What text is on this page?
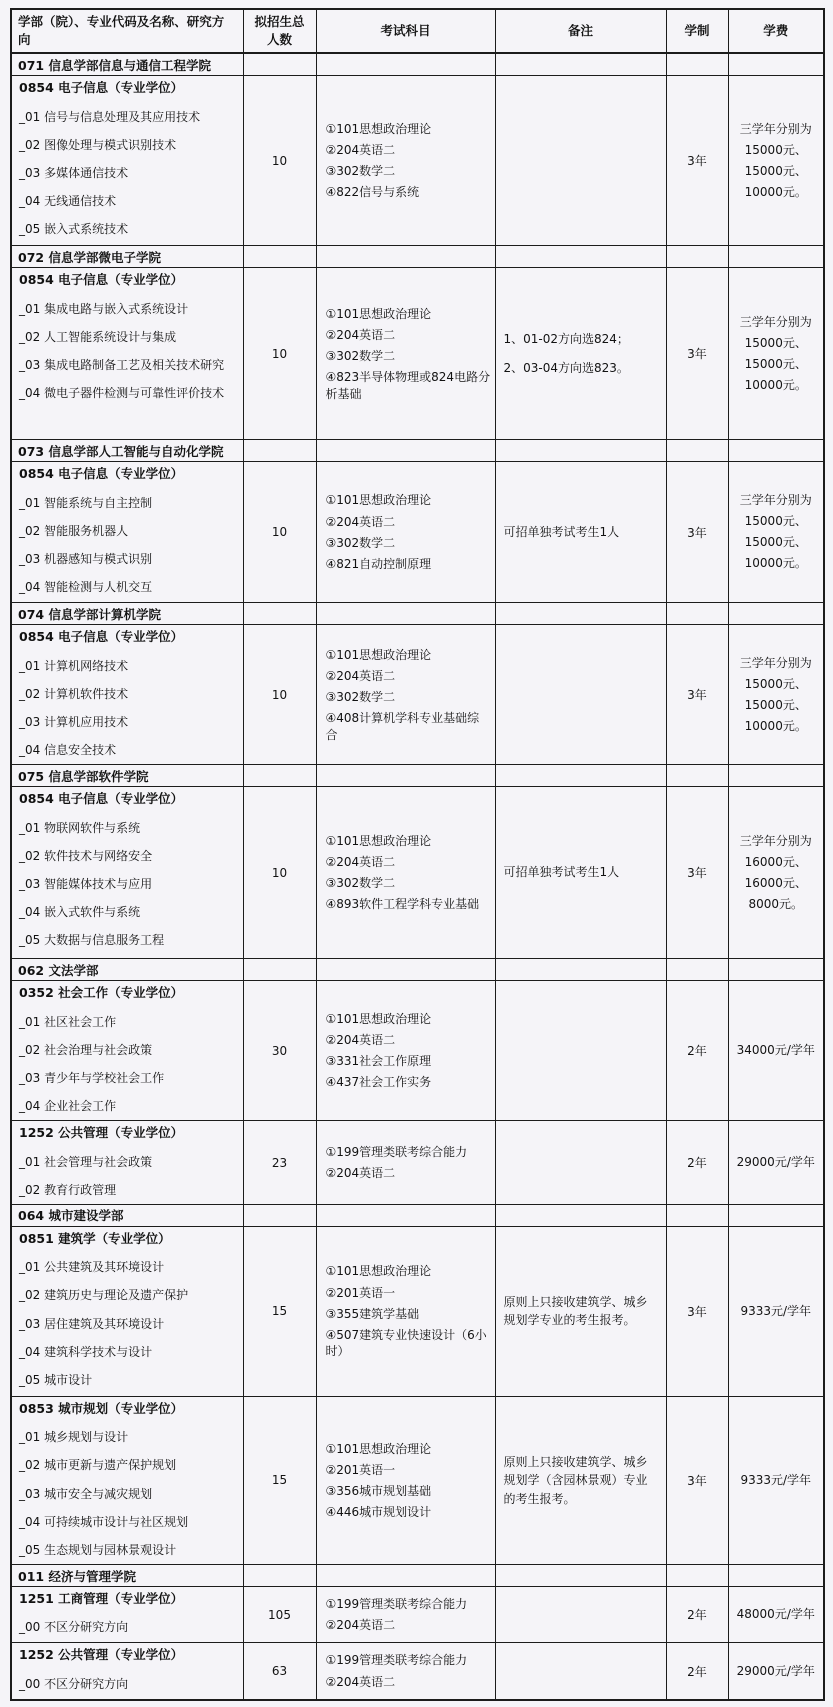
学部（院）、专业代码及名称、研究方向	拟招生总人数	考试科目	备注	学制	学费
071 信息学部信息与通信工程学院					

0854 电子信息（专业学位）
_01 信号与信息处理及其应用技术
_02 图像处理与模式识别技术
_03 多媒体通信技术
_04 无线通信技术
_05 嵌入式系统技术
	10	
①101思想政治理论
②204英语二
③302数学二
④822信号与系统
		3年	
三学年分别为
15000元、
15000元、
10000元。

072 信息学部微电子学院					

0854 电子信息（专业学位）
_01 集成电路与嵌入式系统设计
_02 人工智能系统设计与集成
_03 集成电路制备工艺及相关技术研究
_04 微电子器件检测与可靠性评价技术
	10	
①101思想政治理论
②204英语二
③302数学二
④823半导体物理或824电路分析基础

1、01-02方向选824；
2、03-04方向选823。
	3年	
三学年分别为
15000元、
15000元、
10000元。

073 信息学部人工智能与自动化学院					

0854 电子信息（专业学位）
_01 智能系统与自主控制
_02 智能服务机器人
_03 机器感知与模式识别
_04 智能检测与人机交互
	10	
①101思想政治理论
②204英语二
③302数学二
④821自动控制原理

可招单独考试考生1人	3年	
三学年分别为
15000元、
15000元、
10000元。

074 信息学部计算机学院					

0854 电子信息（专业学位）
_01 计算机网络技术
_02 计算机软件技术
_03 计算机应用技术
_04 信息安全技术
	10	
①101思想政治理论
②204英语二
③302数学二
④408计算机学科专业基础综合
		3年	
三学年分别为
15000元、
15000元、
10000元。

075 信息学部软件学院					

0854 电子信息（专业学位）
_01 物联网软件与系统
_02 软件技术与网络安全
_03 智能媒体技术与应用
_04 嵌入式软件与系统
_05 大数据与信息服务工程
	10	
①101思想政治理论
②204英语二
③302数学二
④893软件工程学科专业基础

可招单独考试考生1人	3年	
三学年分别为
16000元、
16000元、
8000元。

062 文法学部					

0352 社会工作（专业学位）
_01 社区社会工作
_02 社会治理与社会政策
_03 青少年与学校社会工作
_04 企业社会工作
	30	
①101思想政治理论
②204英语二
③331社会工作原理
④437社会工作实务
		2年	34000元/学年

1252 公共管理（专业学位）
_01 社会管理与社会政策
_02 教育行政管理
	23	
①199管理类联考综合能力
②204英语二
		2年	29000元/学年

064 城市建设学部					

0851 建筑学（专业学位）
_01 公共建筑及其环境设计
_02 建筑历史与理论及遗产保护
_03 居住建筑及其环境设计
_04 建筑科学技术与设计
_05 城市设计
	15	
①101思想政治理论
②201英语一
③355建筑学基础
④507建筑专业快速设计（6小时）

原则上只接收建筑学、城乡规划学专业的考生报考。
	3年	9333元/学年

0853 城市规划（专业学位）
_01 城乡规划与设计
_02 城市更新与遗产保护规划
_03 城市安全与减灾规划
_04 可持续城市设计与社区规划
_05 生态规划与园林景观设计
	15	
①101思想政治理论
②201英语一
③356城市规划基础
④446城市规划设计

原则上只接收建筑学、城乡规划学（含园林景观）专业的考生报考。
	3年	9333元/学年

011 经济与管理学院					

1251 工商管理（专业学位）
_00 不区分研究方向
	105	
①199管理类联考综合能力
②204英语二
		2年	48000元/学年

1252 公共管理（专业学位）
_00 不区分研究方向
	63	
①199管理类联考综合能力
②204英语二
		2年	29000元/学年
